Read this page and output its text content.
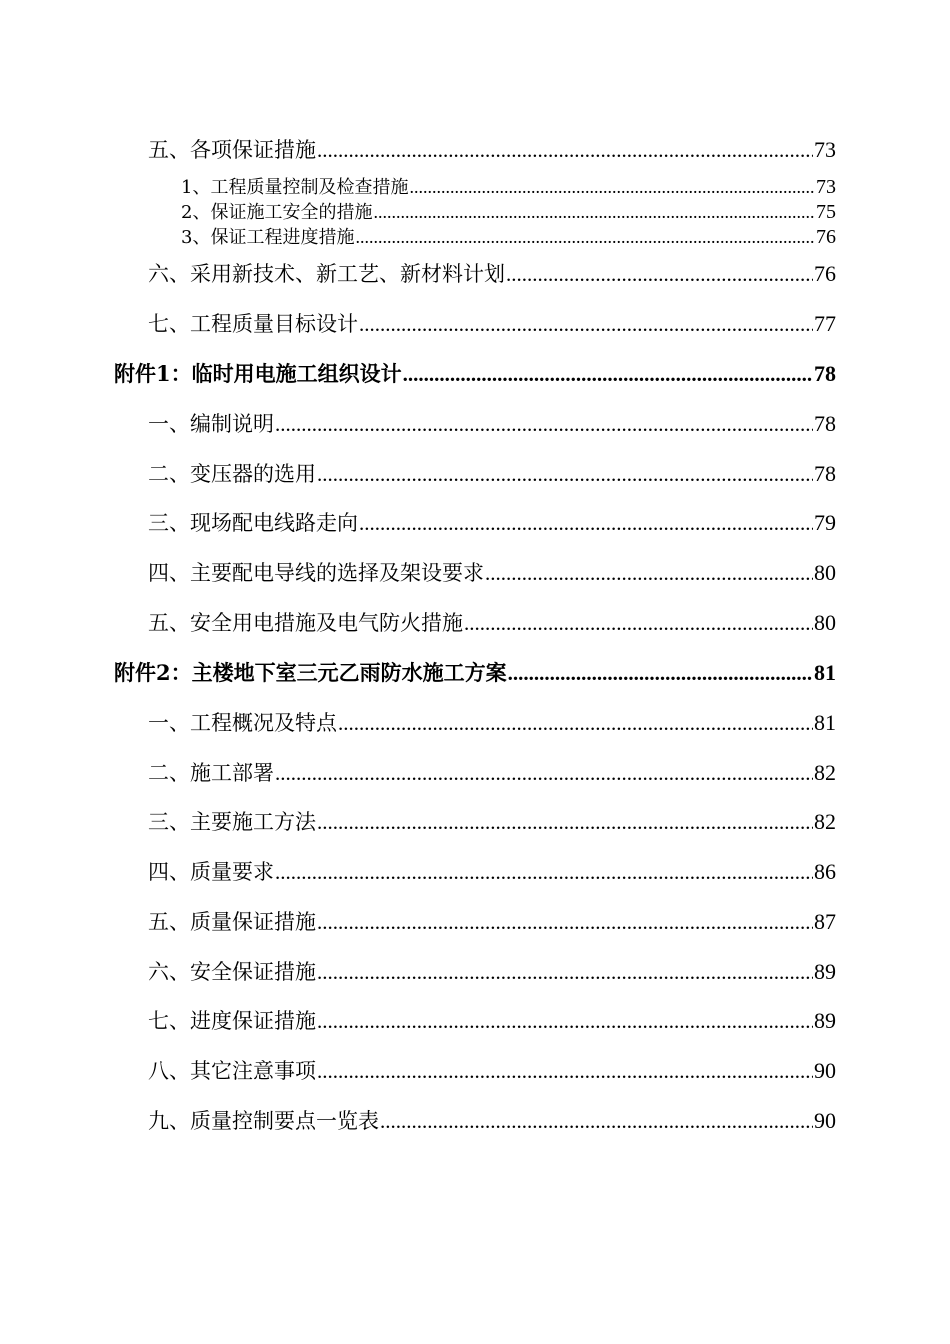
五、各项保证措施 .....	73
1、工程质量控制及检查措施 .....	73
2、保证施工安全的措施 .....	75
3、保证工程进度措施 .....	76
六、采用新技术、新工艺、新材料计划 .....	76
七、工程质量目标设计 .....	77
附件1：临时用电施工组织设计 .....	78
一、编制说明 .....	78
二、变压器的选用 .....	78
三、现场配电线路走向 .....	79
四、主要配电导线的选择及架设要求 .....	80
五、安全用电措施及电气防火措施 .....	80
附件2：主楼地下室三元乙雨防水施工方案 .....	81
一、工程概况及特点 .....	81
二、施工部署 .....	82
三、主要施工方法 .....	82
四、质量要求 .....	86
五、质量保证措施 .....	87
六、安全保证措施 .....	89
七、进度保证措施 .....	89
八、其它注意事项 .....	90
九、质量控制要点一览表 .....	90
